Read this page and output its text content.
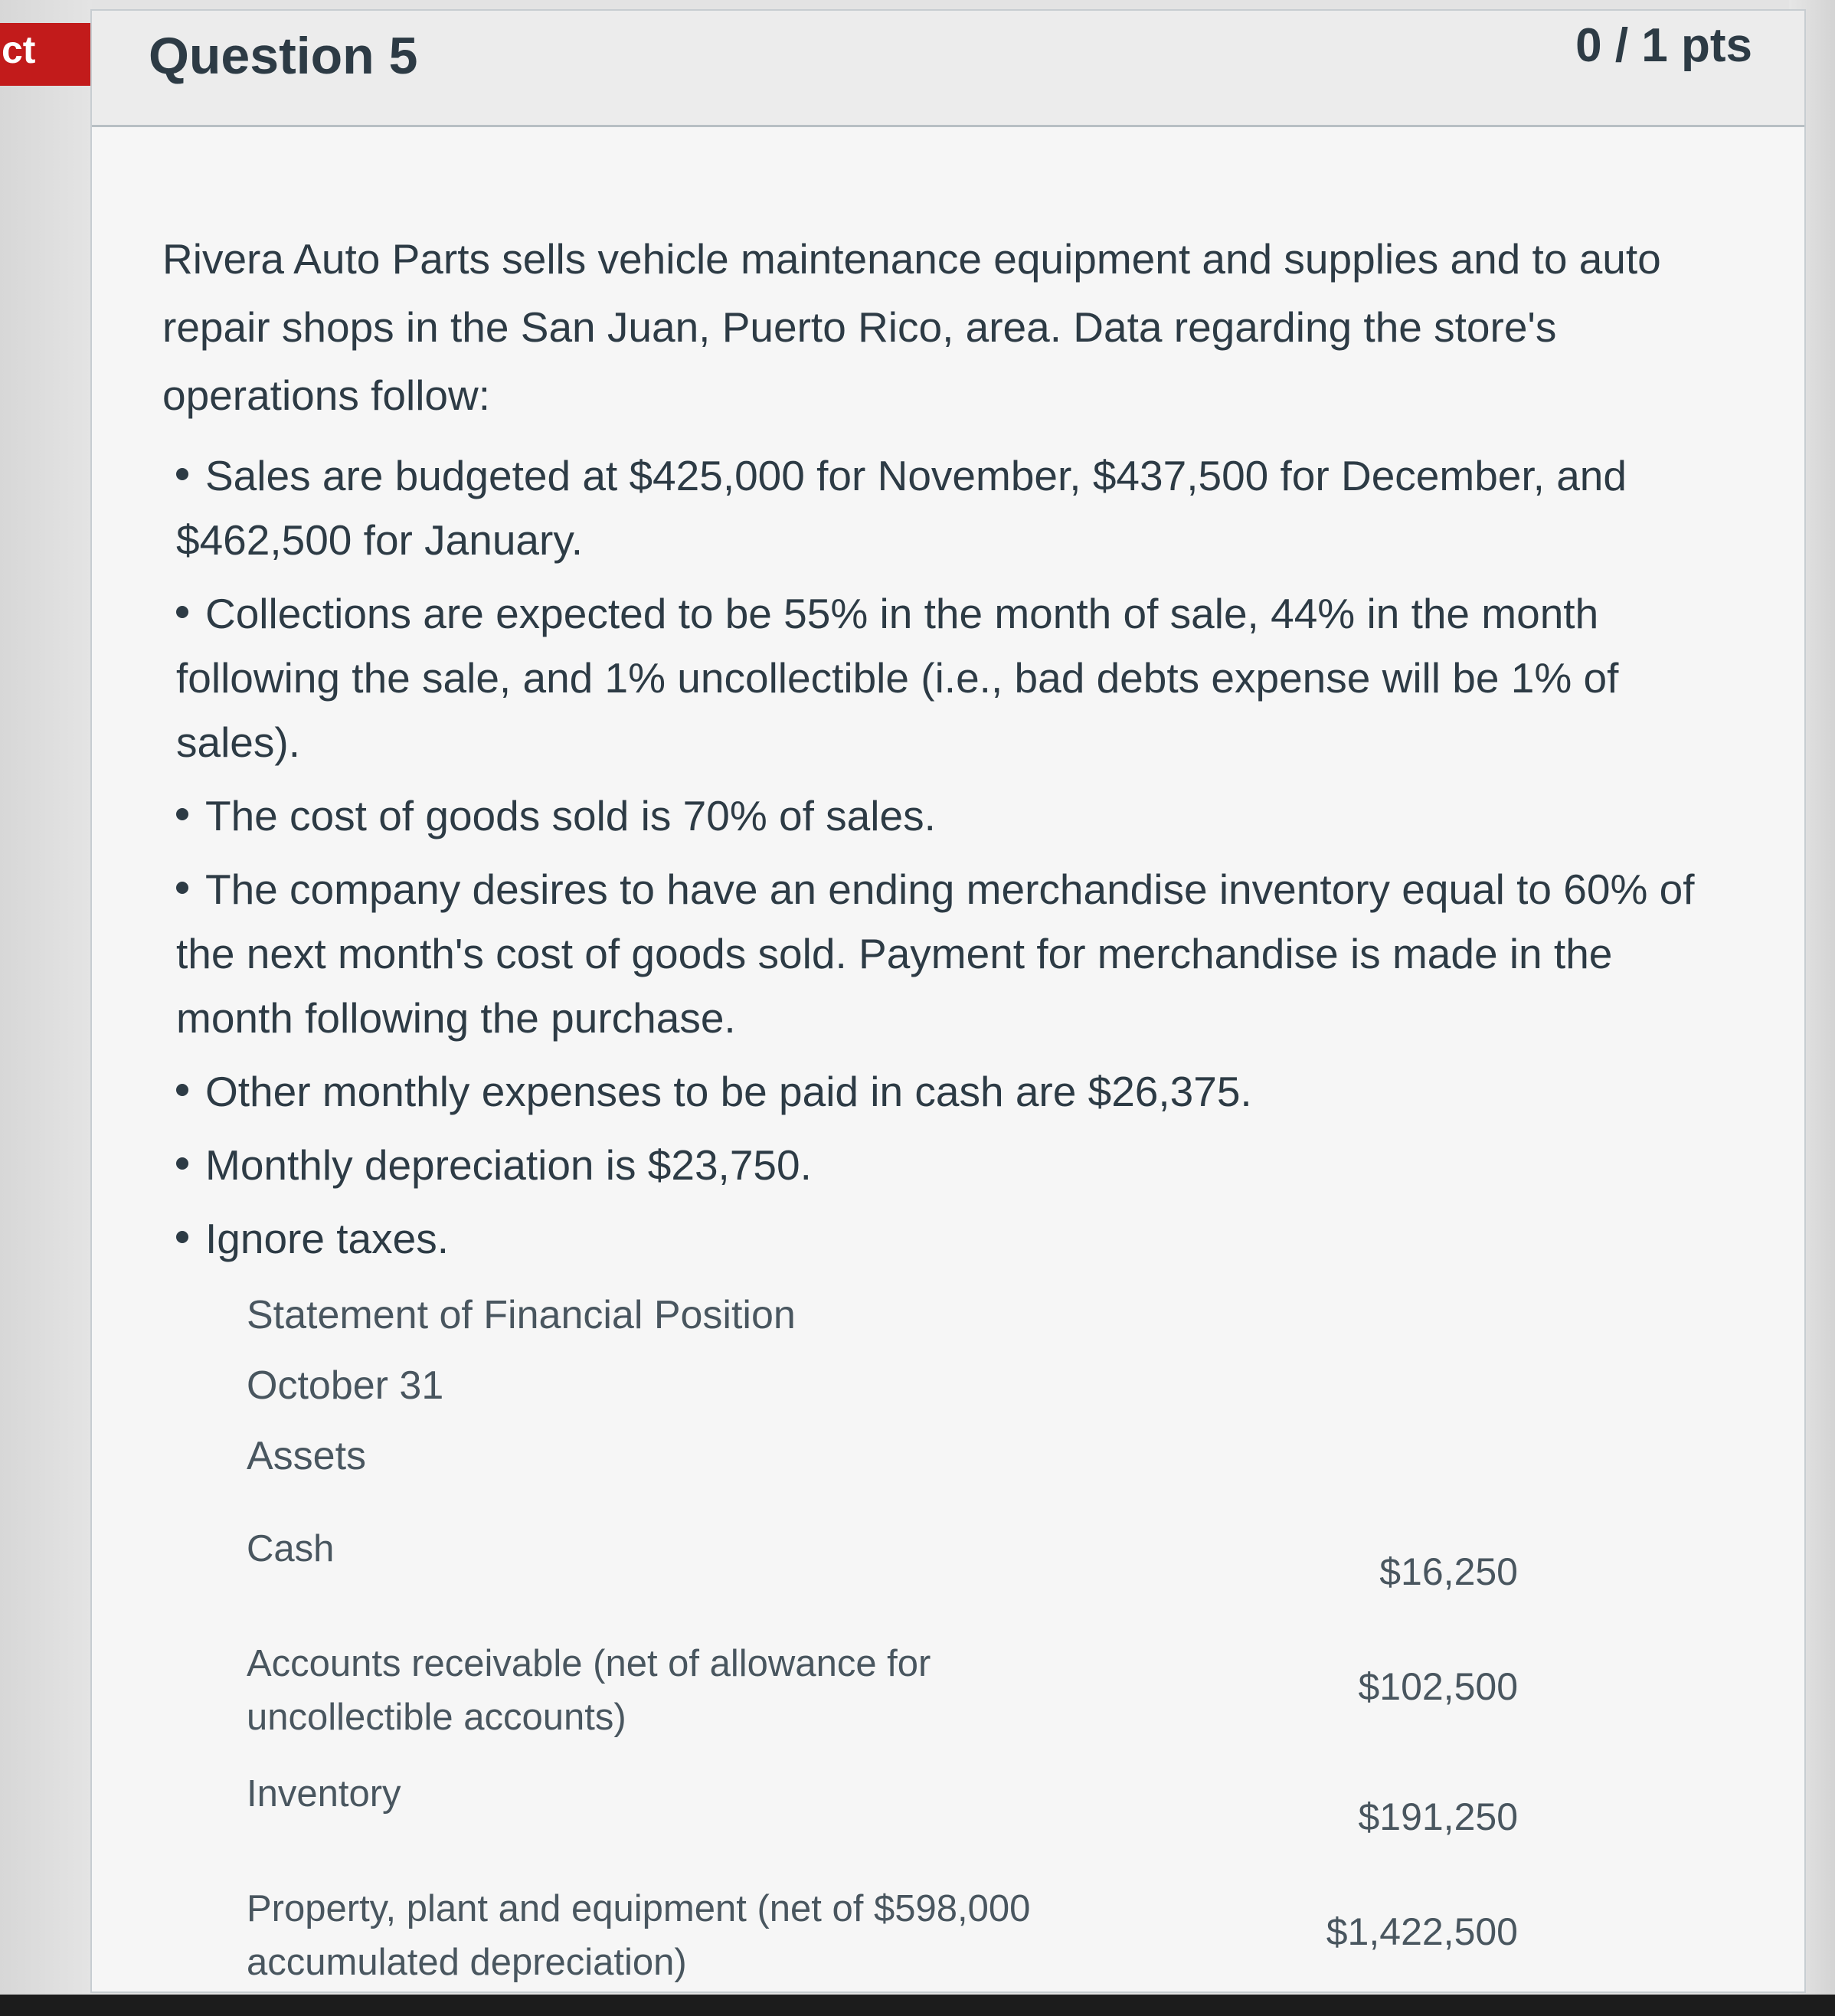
ct Question 5	0 / 1 pts

Rivera Auto Parts sells vehicle maintenance equipment and supplies and to auto repair shops in the San Juan, Puerto Rico, area. Data regarding the store's operations follow:

Sales are budgeted at $425,000 for November, $437,500 for December, and $462,500 for January.
Collections are expected to be 55% in the month of sale, 44% in the month following the sale, and 1% uncollectible (i.e., bad debts expense will be 1% of sales).
The cost of goods sold is 70% of sales.
The company desires to have an ending merchandise inventory equal to 60% of the next month's cost of goods sold. Payment for merchandise is made in the month following the purchase.
Other monthly expenses to be paid in cash are $26,375.
Monthly depreciation is $23,750.
Ignore taxes.
Statement of Financial Position
October 31
Assets
Cash
$16,250
Accounts receivable (net of allowance for uncollectible accounts)
$102,500
Inventory
$191,250
Property, plant and equipment (net of $598,000 accumulated depreciation)
$1,422,500
